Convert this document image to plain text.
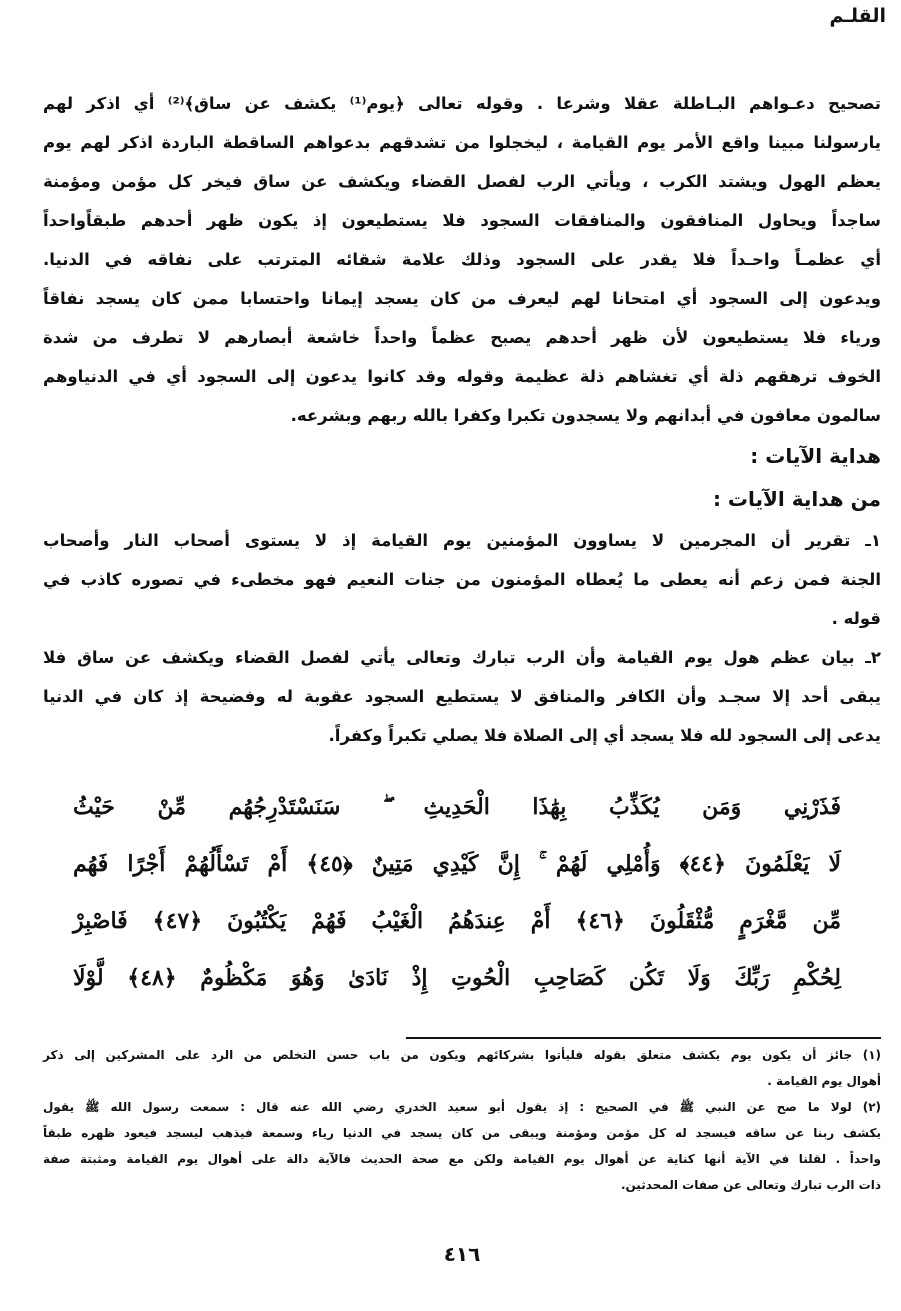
القلـم
تصحيح دعـواهم البـاطلة عقلا وشرعا . وقوله تعالى ﴿يوم⁽¹⁾ يكشف عن ساق﴾⁽²⁾ أي اذكر لهم
يارسولنا مبينا واقع الأمر يوم القيامة ، ليخجلوا من تشدقهم بدعواهم الساقطة الباردة اذكر لهم يوم
يعظم الهول ويشتد الكرب ، ويأتي الرب لفصل القضاء ويكشف عن ساق فيخر كل مؤمن ومؤمنة
ساجداً ويحاول المنافقون والمنافقات السجود فلا يستطيعون إذ يكون ظهر أحدهم طبقاًواحداً
أي عظمـاً واحـداً فلا يقدر على السجود وذلك علامة شقائه المترتب على نفاقه في الدنيا.
ويدعون إلى السجود أي امتحانا لهم ليعرف من كان يسجد إيمانا واحتسابا ممن كان يسجد نفاقاً
ورياء فلا يستطيعون لأن ظهر أحدهم يصبح عظماً واحداً خاشعة أبصارهم لا تطرف من شدة
الخوف ترهقهم ذلة أي تغشاهم ذلة عظيمة وقوله وقد كانوا يدعون إلى السجود أي في الدنياوهم
سالمون معافون في أبدانهم ولا يسجدون تكبرا وكفرا بالله ربهم وبشرعه.
هداية الآيات :
من هداية الآيات :
١ـ تقرير أن المجرمين لا يساوون المؤمنين يوم القيامة إذ لا يستوى أصحاب النار وأصحاب
الجنة فمن زعم أنه يعطى ما يُعطاه المؤمنون من جنات النعيم فهو مخطىء في تصوره كاذب في
قوله .
٢ـ بيان عظم هول يوم القيامة وأن الرب تبارك وتعالى يأتي لفصل القضاء ويكشف عن ساق فلا
يبقى أحد إلا سجـد وأن الكافر والمنافق لا يستطيع السجود عقوبة له وفضيحة إذ كان في الدنيا
يدعى إلى السجود لله فلا يسجد أي إلى الصلاة فلا يصلي تكبراً وكفراً.
فَذَرْنِي وَمَن يُكَذِّبُ بِهَٰذَا الْحَدِيثِ ۖ سَنَسْتَدْرِجُهُم مِّنْ حَيْثُ
لَا يَعْلَمُونَ ﴿٤٤﴾ وَأُمْلِي لَهُمْ ۚ إِنَّ كَيْدِي مَتِينٌ ﴿٤٥﴾ أَمْ تَسْأَلُهُمْ أَجْرًا فَهُم
مِّن مَّغْرَمٍ مُّثْقَلُونَ ﴿٤٦﴾ أَمْ عِندَهُمُ الْغَيْبُ فَهُمْ يَكْتُبُونَ ﴿٤٧﴾ فَاصْبِرْ
لِحُكْمِ رَبِّكَ وَلَا تَكُن كَصَاحِبِ الْحُوتِ إِذْ نَادَىٰ وَهُوَ مَكْظُومٌ ﴿٤٨﴾ لَّوْلَا
(١) جائز أن يكون يوم يكشف متعلق بقوله فليأتوا بشركائهم ويكون من باب حسن التخلص من الرد على المشركين إلى ذكر
أهوال يوم القيامة .
(٢) لولا ما صح عن النبي ﷺ في الصحيح : إذ يقول أبو سعيد الخدري رضي الله عنه قال : سمعت رسول الله ﷺ يقول
يكشف ربنا عن ساقه فيسجد له كل مؤمن ومؤمنة ويبقى من كان يسجد في الدنيا رياء وسمعة فيذهب ليسجد فيعود ظهره طبقاً
واحداً . لقلنا في الآية أنها كناية عن أهوال يوم القيامة ولكن مع صحة الحديث فالآية دالة على أهوال يوم القيامة ومثبتة صفة
ذات الرب تبارك وتعالى عن صفات المحدثين.
٤١٦
